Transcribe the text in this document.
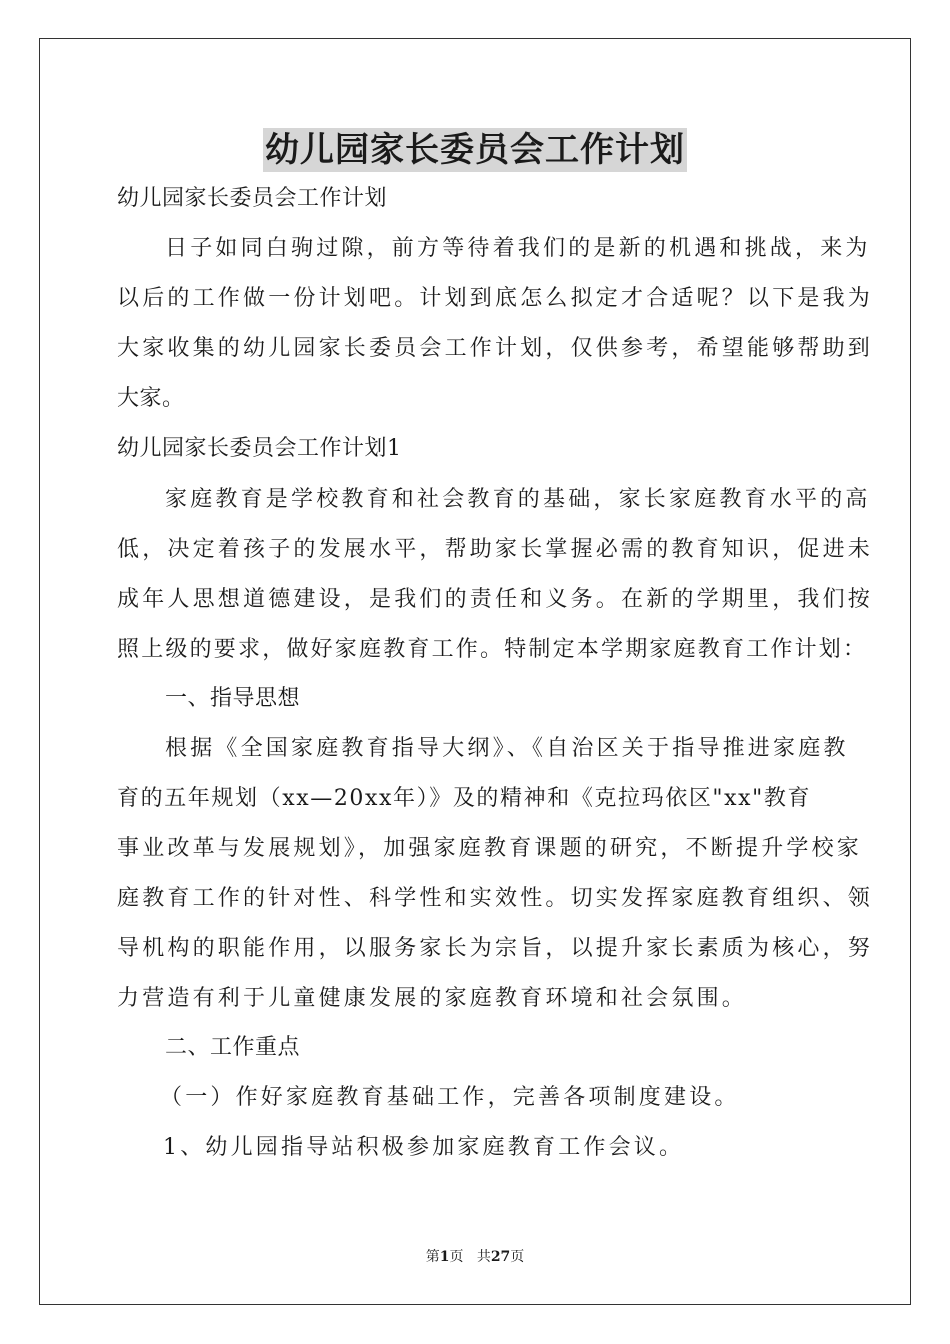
幼儿园家长委员会工作计划
幼儿园家长委员会工作计划
日子如同白驹过隙，前方等待着我们的是新的机遇和挑战，来为
以后的工作做一份计划吧。计划到底怎么拟定才合适呢？以下是我为
大家收集的幼儿园家长委员会工作计划，仅供参考，希望能够帮助到
大家。
幼儿园家长委员会工作计划1
家庭教育是学校教育和社会教育的基础，家长家庭教育水平的高
低，决定着孩子的发展水平，帮助家长掌握必需的教育知识，促进未
成年人思想道德建设，是我们的责任和义务。在新的学期里，我们按
照上级的要求，做好家庭教育工作。特制定本学期家庭教育工作计划：
一、指导思想
根据《全国家庭教育指导大纲》、《自治区关于指导推进家庭教
育的五年规划（xx—20xx年）》及的精神和《克拉玛依区"xx"教育
事业改革与发展规划》，加强家庭教育课题的研究，不断提升学校家
庭教育工作的针对性、科学性和实效性。切实发挥家庭教育组织、领
导机构的职能作用，以服务家长为宗旨，以提升家长素质为核心，努
力营造有利于儿童健康发展的家庭教育环境和社会氛围。
二、工作重点
（一）作好家庭教育基础工作，完善各项制度建设。
1、幼儿园指导站积极参加家庭教育工作会议。
第1页 共27页
